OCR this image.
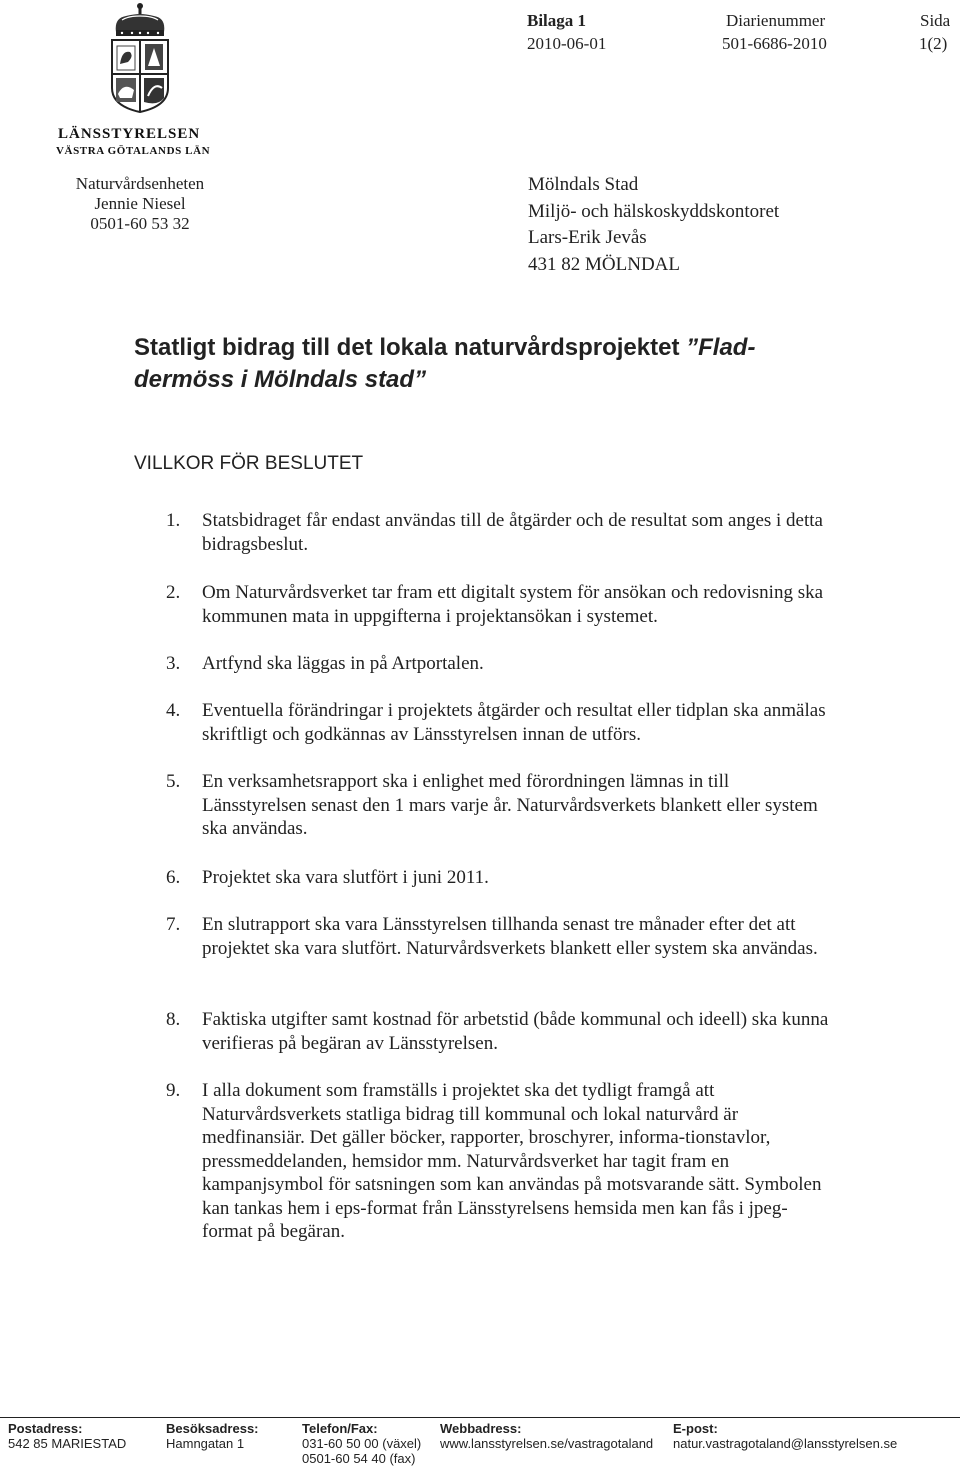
LÄNSSTYRELSEN
VÄSTRA GÖTALANDS LÄN
Bilaga 1
2010-06-01
Diarienummer
501-6686-2010
Sida
1(2)
Naturvårdsenheten
Jennie Niesel
0501-60 53 32
Mölndals Stad
Miljö- och hälskoskyddskontoret
Lars-Erik Jevås
431 82 MÖLNDAL
Statligt bidrag till det lokala naturvårdsprojektet ”Flad-
dermöss i Mölndals stad”
VILLKOR FÖR BESLUTET
1.	Statsbidraget får endast användas till de åtgärder och de resultat som anges i detta bidragsbeslut.
2.	Om Naturvårdsverket tar fram ett digitalt system för ansökan och redovisning ska kommunen mata in uppgifterna i projektansökan i systemet.
3.	Artfynd ska läggas in på Artportalen.
4.	Eventuella förändringar i projektets åtgärder och resultat eller tidplan ska anmälas skriftligt och godkännas av Länsstyrelsen innan de utförs.
5.	En verksamhetsrapport ska i enlighet med förordningen lämnas in till Länsstyrelsen senast den 1 mars varje år. Naturvårdsverkets blankett eller system ska användas.
6.	Projektet ska vara slutfört i juni 2011.
7.	En slutrapport ska vara Länsstyrelsen tillhanda senast tre månader efter det att projektet ska vara slutfört. Naturvårdsverkets blankett eller system ska användas.
8.	Faktiska utgifter samt kostnad för arbetstid (både kommunal och ideell) ska kunna verifieras på begäran av Länsstyrelsen.
9.	I alla dokument som framställs i projektet ska det tydligt framgå att Naturvårdsverkets statliga bidrag till kommunal och lokal naturvård är medfinansiär. Det gäller böcker, rapporter, broschyrer, informa-tionstavlor, pressmeddelanden, hemsidor mm. Naturvårdsverket har tagit fram en kampanjsymbol för satsningen som kan användas på motsvarande sätt. Symbolen kan tankas hem i eps-format från Länsstyrelsens hemsida men kan fås i jpeg-format på begäran.
Postadress:
542 85 MARIESTAD
Besöksadress:
Hamngatan 1
Telefon/Fax:
031-60 50 00 (växel)
0501-60 54 40 (fax)
Webbadress:
www.lansstyrelsen.se/vastragotaland
E-post:
natur.vastragotaland@lansstyrelsen.se
